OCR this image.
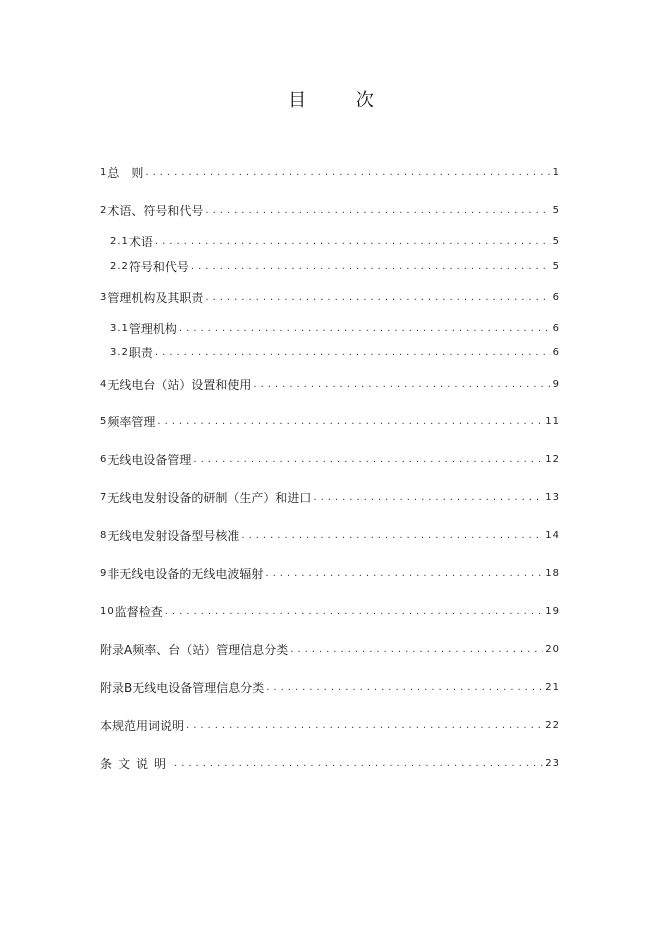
目 次
1 总　则 .....	1
2 术语、符号和代号 .....	5
2.1 术语 .....	5
2.2 符号和代号 .....	5
3 管理机构及其职责 .....	6
3.1 管理机构 .....	6
3.2 职责 .....	6
4 无线电台（站）设置和使用 .....	9
5 频率管理 .....	11
6 无线电设备管理 .....	12
7 无线电发射设备的研制（生产）和进口 .....	13
8 无线电发射设备型号核准 .....	14
9 非无线电设备的无线电波辐射 .....	18
10 监督检查 .....	19
附录A 频率、台（站）管理信息分类 .....	20
附录B 无线电设备管理信息分类 .....	21
本规范用词说明 .....	22
条文说明 .....	23
